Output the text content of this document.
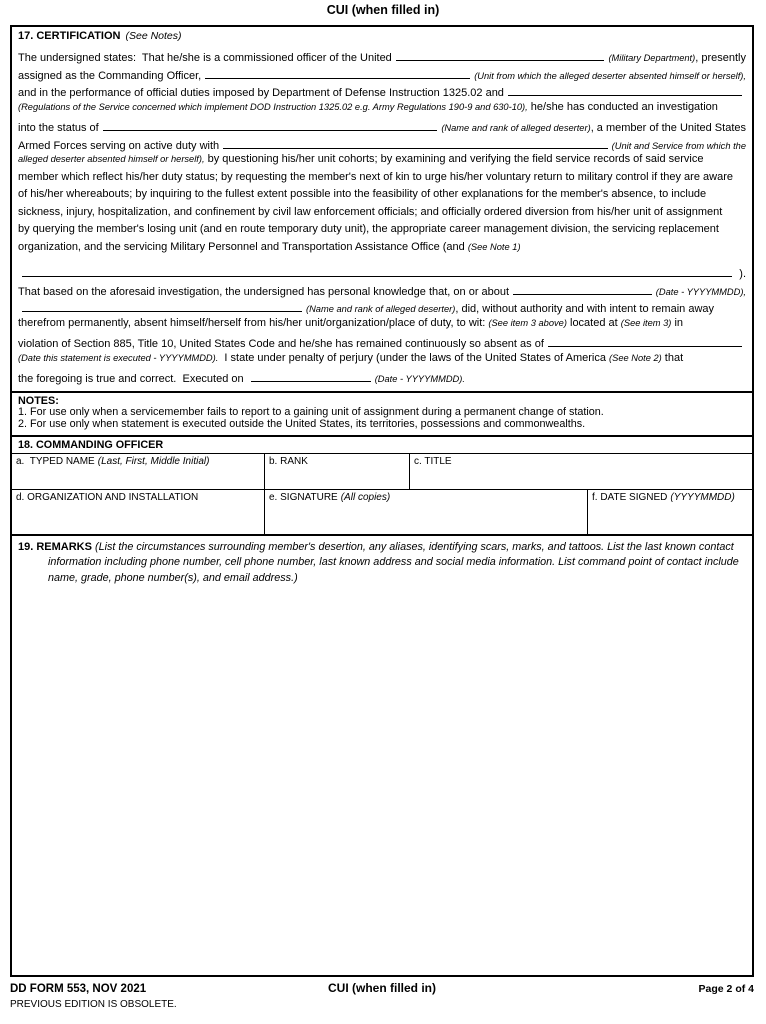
CUI (when filled in)
17. CERTIFICATION (See Notes)
The undersigned states:  That he/she is a commissioned officer of the United	(Military Department) , presently
assigned as the Commanding Officer,	(Unit from which the alleged deserter absented himself or herself),
and in the performance of official duties imposed by Department of Defense Instruction 1325.02 and
(Regulations of the Service concerned which implement DOD Instruction 1325.02 e.g. Army Regulations 190-9 and 630-10), he/she has conducted an investigation
into the status of	(Name and rank of alleged deserter) , a member of the United States
Armed Forces serving on active duty with	(Unit and Service from which the
alleged deserter absented himself or herself), by questioning his/her unit cohorts; by examining and verifying the field service records of said service
member which reflect his/her duty status; by requesting the member's next of kin to urge his/her voluntary return to military control if they are aware
of his/her whereabouts; by inquiring to the fullest extent possible into the feasibility of other explanations for the member's absence, to include
sickness, injury, hospitalization, and confinement by civil law enforcement officials; and officially ordered diversion from his/her unit of assignment
by querying the member's losing unit (and en route temporary duty unit), the appropriate career management division, the servicing replacement
organization, and the servicing Military Personnel and Transportation Assistance Office (and (See Note 1)
).
That based on the aforesaid investigation, the undersigned has personal knowledge that, on or about	(Date - YYYYMMDD),
(Name and rank of alleged deserter) , did, without authority and with intent to remain away
therefrom permanently, absent himself/herself from his/her unit/organization/place of duty, to wit: (See item 3 above) located at (See item 3) in
violation of Section 885, Title 10, United States Code and he/she has remained continuously so absent as of
(Date this statement is executed - YYYYMMDD). I state under penalty of perjury (under the laws of the United States of America (See Note 2) that
the foregoing is true and correct.  Executed on	(Date - YYYYMMDD).
NOTES:
1. For use only when a servicemember fails to report to a gaining unit of assignment during a permanent change of station.
2. For use only when statement is executed outside the United States, its territories, possessions and commonwealths.
18. COMMANDING OFFICER
a.  TYPED NAME (Last, First, Middle Initial)	b. RANK	c. TITLE
d. ORGANIZATION AND INSTALLATION	e. SIGNATURE (All copies)	f. DATE SIGNED (YYYYMMDD)
19. REMARKS (List the circumstances surrounding member's desertion, any aliases, identifying scars, marks, and tattoos. List the last known contact information including phone number, cell phone number, last known address and social media information. List command point of contact include name, grade, phone number(s), and email address.)
DD FORM 553, NOV 2021	CUI (when filled in)	Page 2 of 4
PREVIOUS EDITION IS OBSOLETE.
